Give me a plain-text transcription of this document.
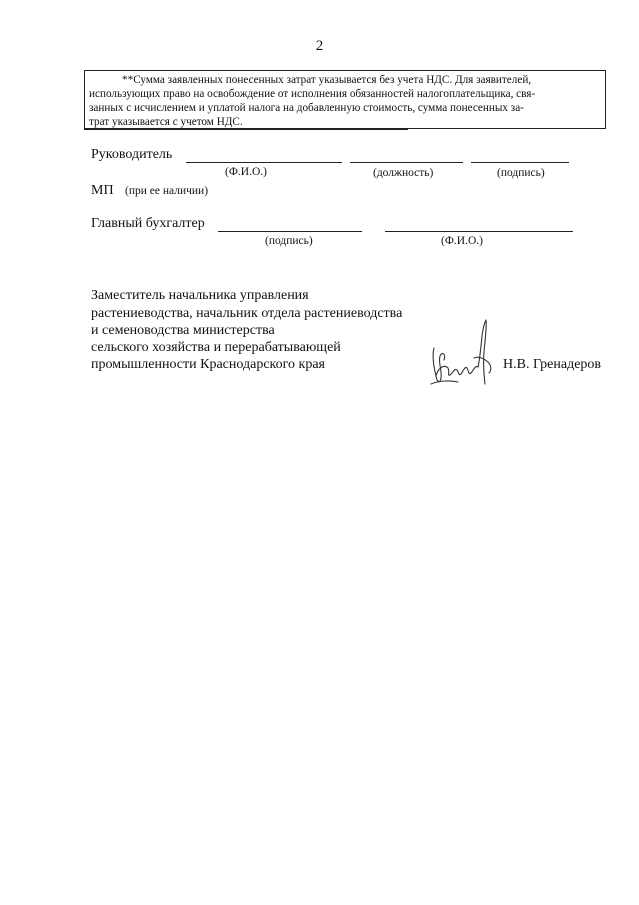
2
**Сумма заявленных понесенных затрат указывается без учета НДС. Для заявителей,
использующих право на освобождение от исполнения обязанностей налогоплательщика, свя-
занных с исчислением и уплатой налога на добавленную стоимость, сумма понесенных за-
трат указывается с учетом НДС.
Руководитель
(Ф.И.О.)	(должность)	(подпись)
МП (при ее наличии)
Главный бухгалтер
(подпись)	(Ф.И.О.)
Заместитель начальника управления
растениеводства, начальник отдела растениеводства
и семеноводства министерства
сельского хозяйства и перерабатывающей
промышленности Краснодарского края	Н.В. Гренадеров
